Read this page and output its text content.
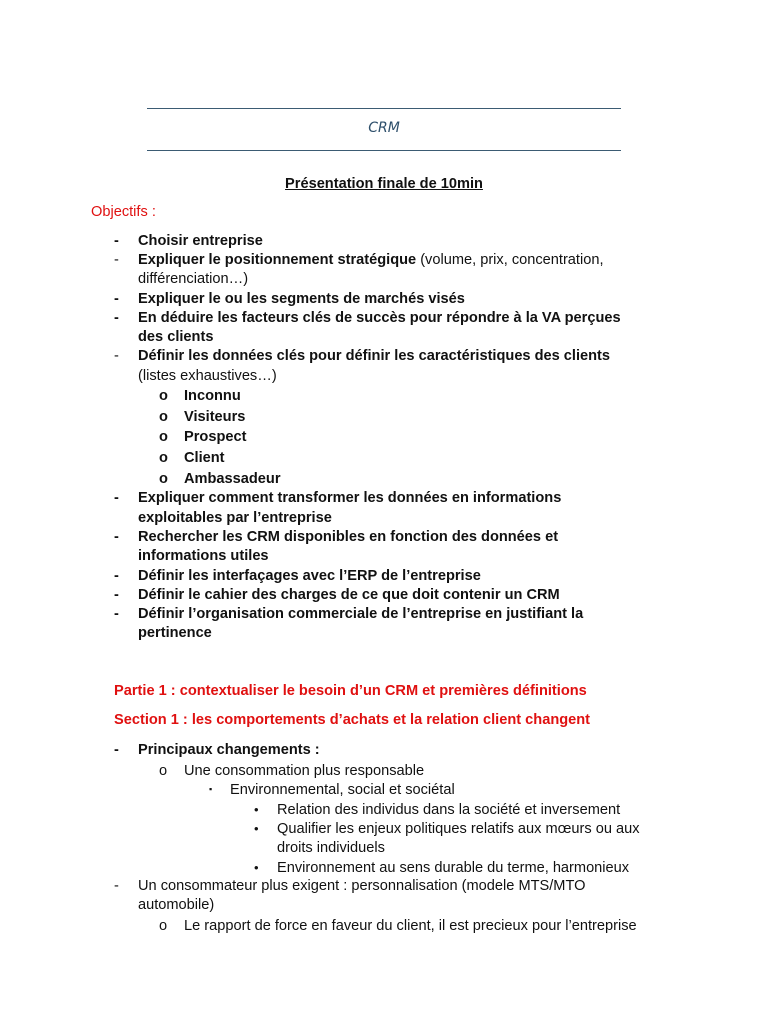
CRM
Présentation finale de 10min
Objectifs :
- Choisir entreprise
- Expliquer le positionnement stratégique (volume, prix, concentration,
différenciation…)
- Expliquer le ou les segments de marchés visés
- En déduire les facteurs clés de succès pour répondre à la VA perçues
des clients
- Définir les données clés pour définir les caractéristiques des clients
(listes exhaustives…)
o Inconnu
o Visiteurs
o Prospect
o Client
o Ambassadeur
- Expliquer comment transformer les données en informations
exploitables par l’entreprise
- Rechercher les CRM disponibles en fonction des données et
informations utiles
- Définir les interfaçages avec l’ERP de l’entreprise
- Définir le cahier des charges de ce que doit contenir un CRM
- Définir l’organisation commerciale de l’entreprise en justifiant la
pertinence
Partie 1 : contextualiser le besoin d’un CRM et premières définitions
Section 1 : les comportements d’achats et la relation client changent
- Principaux changements :
o Une consommation plus responsable
▪ Environnemental, social et sociétal
• Relation des individus dans la société et inversement
• Qualifier les enjeux politiques relatifs aux mœurs ou aux
droits individuels
• Environnement au sens durable du terme, harmonieux
- Un consommateur plus exigent : personnalisation (modele MTS/MTO
automobile)
o Le rapport de force en faveur du client, il est precieux pour l’entreprise
